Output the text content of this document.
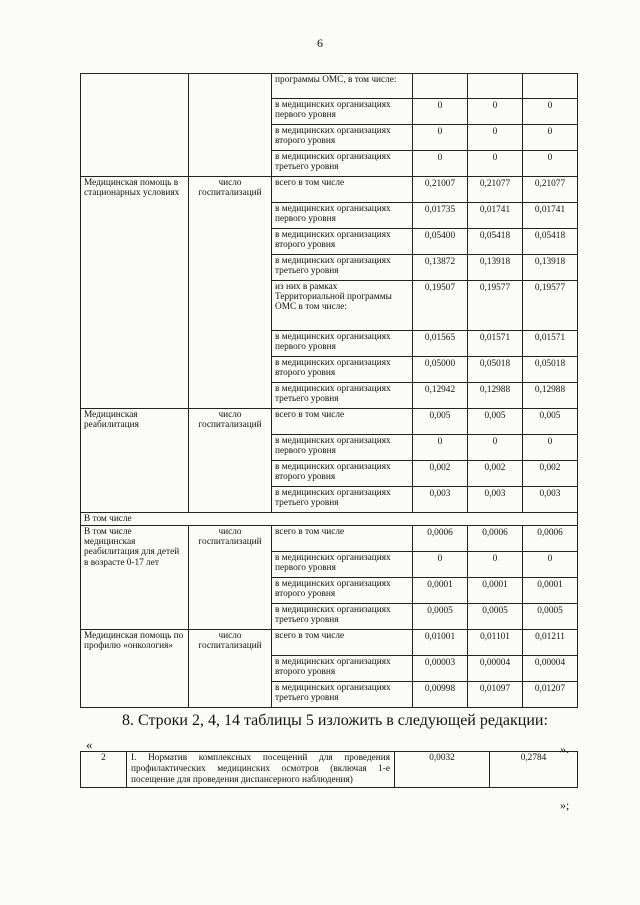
6
		программы ОМС, в том числе:			
		в медицинских организациях первого уровня	0	0	0
		в медицинских организациях второго уровня	0	0	0
		в медицинских организациях третьего уровня	0	0	0
Медицинская помощь в стационарных условиях	число госпитализаций	всего в том числе	0,21007	0,21077	0,21077
		в медицинских организациях первого уровня	0,01735	0,01741	0,01741
		в медицинских организациях второго уровня	0,05400	0,05418	0,05418
		в медицинских организациях третьего уровня	0,13872	0,13918	0,13918
		из них в рамках Территориальной программы ОМС в том числе:	0,19507	0,19577	0,19577
		в медицинских организациях первого уровня	0,01565	0,01571	0,01571
		в медицинских организациях второго уровня	0,05000	0,05018	0,05018
		в медицинских организациях третьего уровня	0,12942	0,12988	0,12988
Медицинская реабилитация	число госпитализаций	всего в том числе	0,005	0,005	0,005
		в медицинских организациях первого уровня	0	0	0
		в медицинских организациях второго уровня	0,002	0,002	0,002
		в медицинских организациях третьего уровня	0,003	0,003	0,003
В том числе					
В том числе медицинская реабилитация для детей в возрасте 0-17 лет	число госпитализаций	всего в том числе	0,0006	0,0006	0,0006
		в медицинских организациях первого уровня	0	0	0
		в медицинских организациях второго уровня	0,0001	0,0001	0,0001
		в медицинских организациях третьего уровня	0,0005	0,0005	0,0005
Медицинская помощь по профилю «онкология»	число госпитализаций	всего в том числе	0,01001	0,01101	0,01211
		в медицинских организациях второго уровня	0,00003	0,00004	0,00004
		в медицинских организациях третьего уровня	0,00998	0,01097	0,01207
».
8. Строки 2, 4, 14 таблицы 5 изложить в следующей редакции:
«
2	I. Норматив комплексных посещений для проведения профилактических медицинских осмотров (включая 1-е посещение для проведения диспансерного наблюдения)	0,0032	0,2784
»;
